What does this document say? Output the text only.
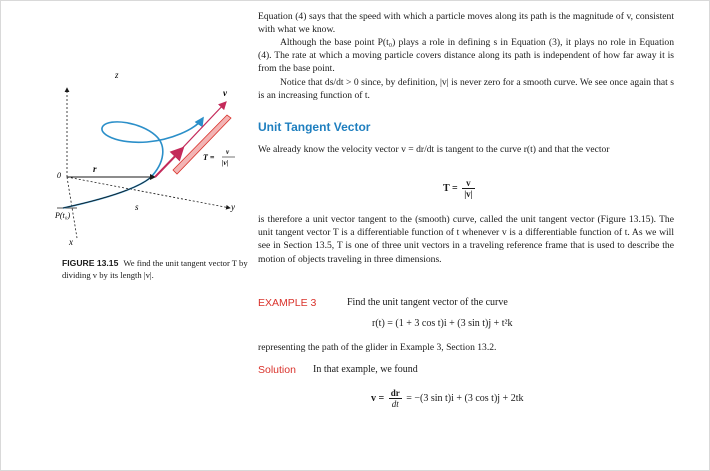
Equation (4) says that the speed with which a particle moves along its path is the magnitude of v, consistent with what we know.

Although the base point P(t₀) plays a role in defining s in Equation (3), it plays no role in Equation (4). The rate at which a moving particle covers distance along its path is independent of how far away it is from the base point.

Notice that ds/dt > 0 since, by definition, |v| is never zero for a smooth curve. We see once again that s is an increasing function of t.

Unit Tangent Vector

We already know the velocity vector v = dr/dt is tangent to the curve r(t) and that the vector

$T = \frac{v}{|v|}$

is therefore a unit vector tangent to the (smooth) curve, called the unit tangent vector (Figure 13.15). The unit tangent vector T is a differentiable function of t whenever v is a differentiable function of t. As we will see in Section 13.5, T is one of three unit vectors in a traveling reference frame that is used to describe the motion of objects traveling in three dimensions.

EXAMPLE 3	Find the unit tangent vector of the curve
r(t) = (1 + 3 cos t)i + (3 sin t)j + t²k

representing the path of the glider in Example 3, Section 13.2.

Solution In that example, we found
$v = \frac{dr}{dt} = -(3$ sin t)i + (3 cos t)j + 2tk
z
y
x
0
r
s
P(t₀)
v
T =
v
|v|
FIGURE 13.15 We find the unit tangent vector T by dividing v by its length |v|.
